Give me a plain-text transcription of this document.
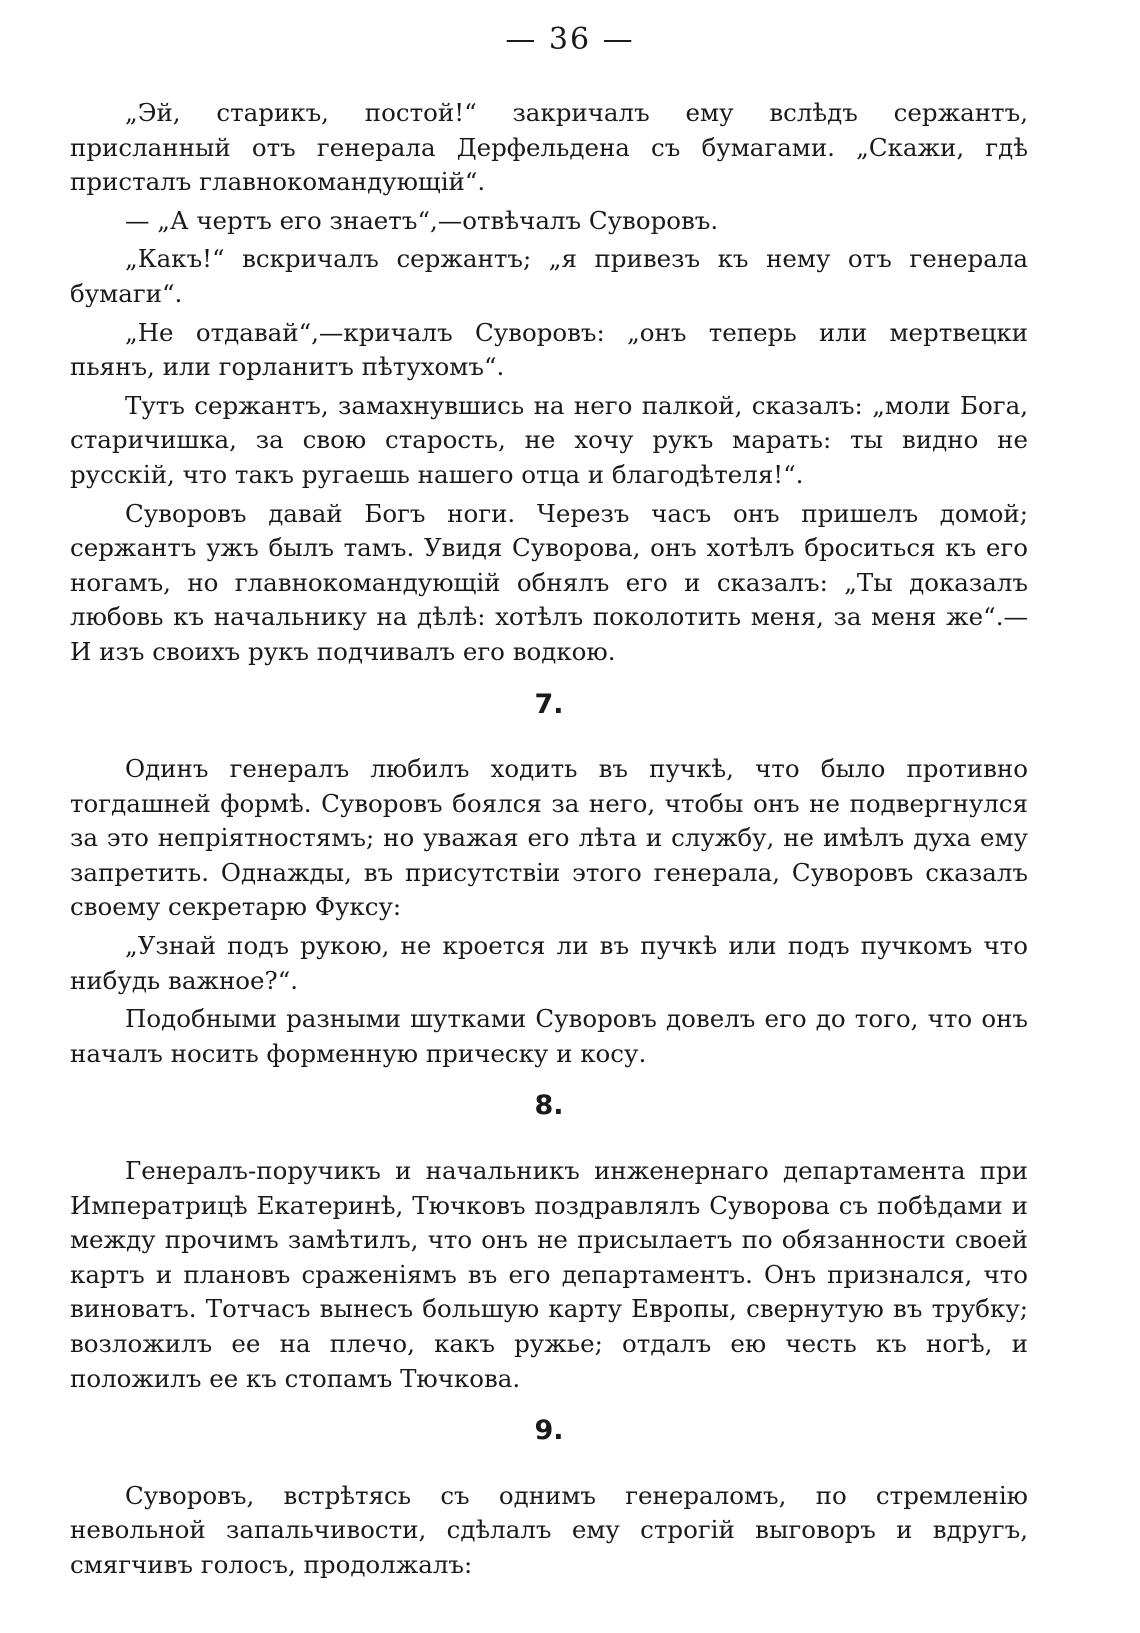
— 36 —

„Эй, старикъ, постой!“ закричалъ ему вслѣдъ сержантъ, присланный отъ генерала Дерфельдена съ бумагами. „Скажи, гдѣ присталъ главнокомандующій“.

— „А чертъ его знаетъ“,—отвѣчалъ Суворовъ.

„Какъ!“ вскричалъ сержантъ; „я привезъ къ нему отъ генерала бумаги“.

„Не отдавай“,—кричалъ Суворовъ: „онъ теперь или мертвецки пьянъ, или горланитъ пѣтухомъ“.

Тутъ сержантъ, замахнувшись на него палкой, сказалъ: „моли Бога, старичишка, за свою старость, не хочу рукъ марать: ты видно не русскій, что такъ ругаешь нашего отца и благодѣтеля!“.

Суворовъ давай Богъ ноги. Черезъ часъ онъ пришелъ домой; сержантъ ужъ былъ тамъ. Увидя Суворова, онъ хотѣлъ броситься къ его ногамъ, но главнокомандующій обнялъ его и сказалъ: „Ты доказалъ любовь къ начальнику на дѣлѣ: хотѣлъ поколотить меня, за меня же“.—И изъ своихъ рукъ подчивалъ его водкою.

7.

Одинъ генералъ любилъ ходить въ пучкѣ, что было противно тогдашней формѣ. Суворовъ боялся за него, чтобы онъ не подвергнулся за это непріятностямъ; но уважая его лѣта и службу, не имѣлъ духа ему запретить. Однажды, въ присутствіи этого генерала, Суворовъ сказалъ своему секретарю Фуксу:

„Узнай подъ рукою, не кроется ли въ пучкѣ или подъ пучкомъ что нибудь важное?“.

Подобными разными шутками Суворовъ довелъ его до того, что онъ началъ носить форменную прическу и косу.

8.

Генералъ-поручикъ и начальникъ инженернаго департамента при Императрицѣ Екатеринѣ, Тючковъ поздравлялъ Суворова съ побѣдами и между прочимъ замѣтилъ, что онъ не присылаетъ по обязанности своей картъ и плановъ сраженіямъ въ его департаментъ. Онъ признался, что виноватъ. Тотчасъ вынесъ большую карту Европы, свернутую въ трубку; возложилъ ее на плечо, какъ ружье; отдалъ ею честь къ ногѣ, и положилъ ее къ стопамъ Тючкова.

9.

Суворовъ, встрѣтясь съ однимъ генераломъ, по стремленію невольной запальчивости, сдѣлалъ ему строгій выговоръ и вдругъ, смягчивъ голосъ, продолжалъ:
